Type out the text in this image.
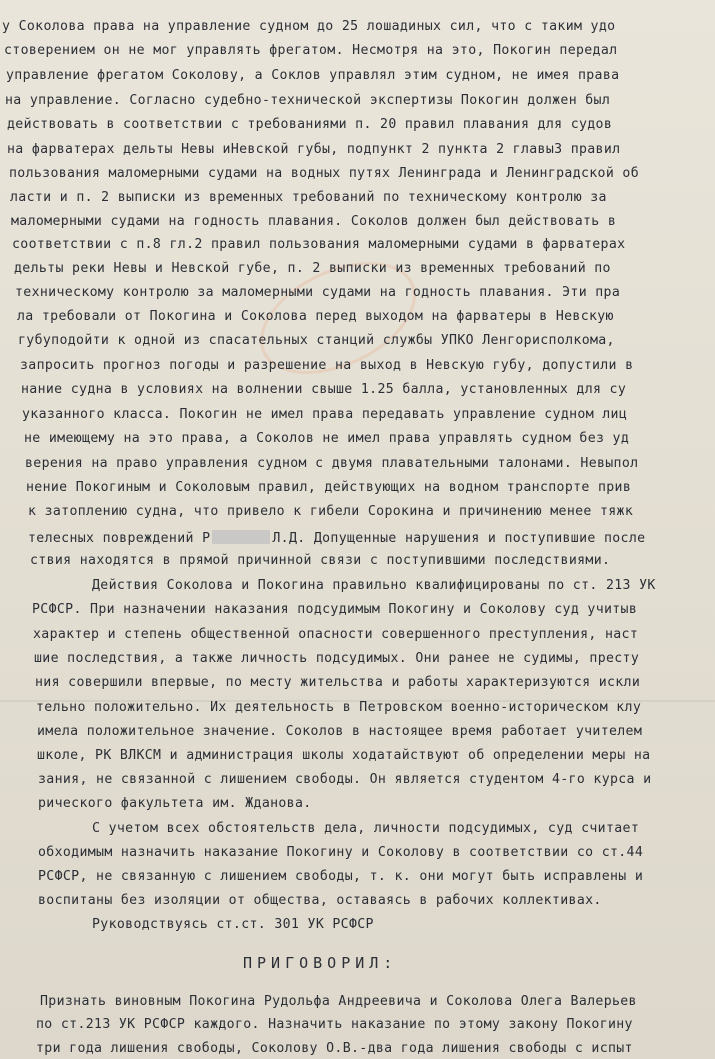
у Соколова права на управление судном до 25 лошадиных сил, что с таким удо
стоверением он не мог управлять фрегатом. Несмотря на это, Покогин передал
управление фрегатом Соколову, а Соклов управлял этим судном, не имея права
на управление. Согласно судебно-технической экспертизы Покогин должен был
действовать в соответствии с требованиями п. 20 правил плавания для судов
на фарватерах дельты Невы иНевской губы, подпункт 2 пункта 2 главы3 правил
пользования маломерными судами на водных путях Ленинграда и Ленинградской об
ласти и п. 2 выписки из временных требований по техническому контролю за
маломерными судами на годность плавания. Соколов должен был действовать в
соответствии с п.8 гл.2 правил пользования маломерными судами в фарватерах
дельты реки Невы и Невской губе, п. 2 выписки из временных требований по
техническому контролю за маломерными судами на годность плавания. Эти пра
ла требовали от Покогина и Соколова перед выходом на фарватеры в Невскую
губуподойти к одной из спасательных станций службы УПКО Ленгорисполкома,
запросить прогноз погоды и разрешение на выход в Невскую губу, допустили в
нание судна в условиях на волнении свыше 1.25 балла, установленных для су
указанного класса. Покогин не имел права передавать управление судном лиц
не имеющему на это права, а Соколов не имел права управлять судном без уд
верения на право управления судном с двумя плавательными талонами. Невыпол
нение Покогиным и Соколовым правил, действующих на водном транспорте прив
к затоплению судна, что привело к гибели Сорокина и причинению менее тяжк
телесных повреждений Р	Л.Д. Допущенные нарушения и поступившие после
ствия находятся в прямой причинной связи с поступившими последствиями.
Действия Соколова и Покогина правильно квалифицированы по ст. 213 УК
РСФСР. При назначении наказания подсудимым Покогину и Соколову суд учитыв
характер и степень общественной опасности совершенного преступления, наст
шие последствия, а также личность подсудимых. Они ранее не судимы, престу
ния совершили впервые, по месту жительства и работы характеризуются искли
тельно положительно. Их деятельность в Петровском военно-историческом клу
имела положительное значение. Соколов в настоящее время работает учителем
школе, РК ВЛКСМ и администрация школы ходатайствуют об определении меры на
зания, не связанной с лишением свободы. Он является студентом 4-го курса и
рического факультета им. Жданова.
С учетом всех обстоятельств дела, личности подсудимых, суд считает
обходимым назначить наказание Покогину и Соколову в соответствии со ст.44
РСФСР, не связанную с лишением свободы, т. к. они могут быть исправлены и
воспитаны без изоляции от общества, оставаясь в рабочих коллективах.
Руководствуясь ст.ст. 301 УК РСФСР
ПРИГОВОРИЛ:
Признать виновным Покогина Рудольфа Андреевича и Соколова Олега Валерьев
по ст.213 УК РСФСР каждого. Назначить наказание по этому закону Покогину
три года лишения свободы, Соколову О.В.-два года лишения свободы с испыт
